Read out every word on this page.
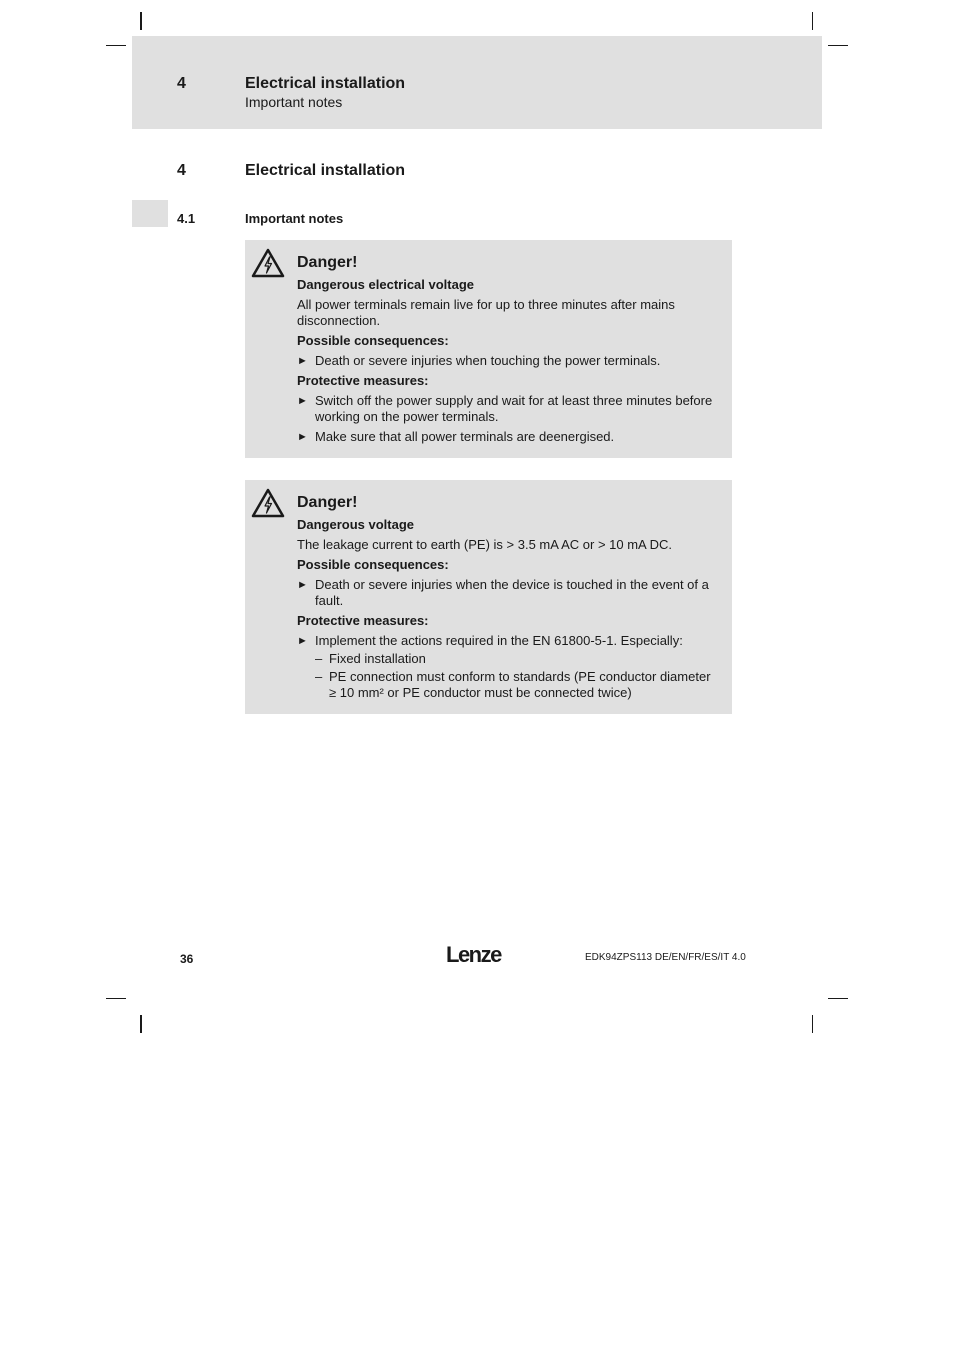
4	Electrical installation
Important notes
4	Electrical installation
4.1	Important notes
Danger!
Dangerous electrical voltage
All power terminals remain live for up to three minutes after mains disconnection.
Possible consequences:
► Death or severe injuries when touching the power terminals.
Protective measures:
► Switch off the power supply and wait for at least three minutes before working on the power terminals.
► Make sure that all power terminals are deenergised.
Danger!
Dangerous voltage
The leakage current to earth (PE) is > 3.5 mA AC or > 10 mA DC.
Possible consequences:
► Death or severe injuries when the device is touched in the event of a fault.
Protective measures:
► Implement the actions required in the EN 61800-5-1. Especially:
– Fixed installation
– PE connection must conform to standards (PE conductor diameter ≥ 10 mm² or PE conductor must be connected twice)
36	Lenze	EDK94ZPS113 DE/EN/FR/ES/IT 4.0
